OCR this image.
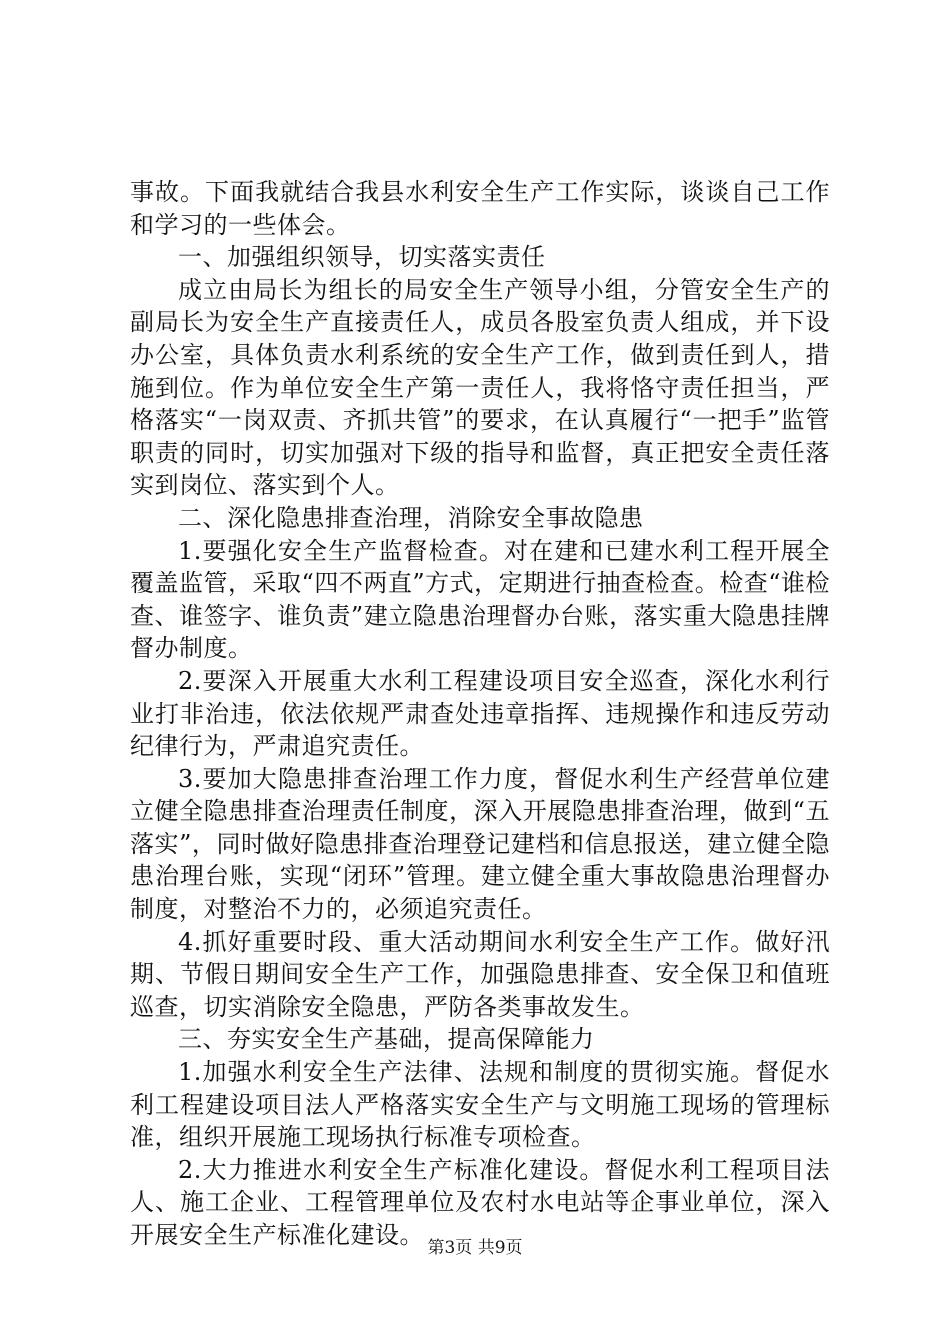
事故。下面我就结合我县水利安全生产工作实际，谈谈自己工作和学习的一些体会。

一、加强组织领导，切实落实责任

成立由局长为组长的局安全生产领导小组，分管安全生产的副局长为安全生产直接责任人，成员各股室负责人组成，并下设办公室，具体负责水利系统的安全生产工作，做到责任到人，措施到位。作为单位安全生产第一责任人，我将恪守责任担当，严格落实“一岗双责、齐抓共管”的要求，在认真履行“一把手”监管职责的同时，切实加强对下级的指导和监督，真正把安全责任落实到岗位、落实到个人。

二、深化隐患排查治理，消除安全事故隐患

1.要强化安全生产监督检查。对在建和已建水利工程开展全覆盖监管，采取“四不两直”方式，定期进行抽查检查。检查“谁检查、谁签字、谁负责”建立隐患治理督办台账，落实重大隐患挂牌督办制度。

2.要深入开展重大水利工程建设项目安全巡查，深化水利行业打非治违，依法依规严肃查处违章指挥、违规操作和违反劳动纪律行为，严肃追究责任。

3.要加大隐患排查治理工作力度，督促水利生产经营单位建立健全隐患排查治理责任制度，深入开展隐患排查治理，做到“五落实”，同时做好隐患排查治理登记建档和信息报送，建立健全隐患治理台账，实现“闭环”管理。建立健全重大事故隐患治理督办制度，对整治不力的，必须追究责任。

4.抓好重要时段、重大活动期间水利安全生产工作。做好汛期、节假日期间安全生产工作，加强隐患排查、安全保卫和值班巡查，切实消除安全隐患，严防各类事故发生。

三、夯实安全生产基础，提高保障能力

1.加强水利安全生产法律、法规和制度的贯彻实施。督促水利工程建设项目法人严格落实安全生产与文明施工现场的管理标准，组织开展施工现场执行标准专项检查。

2.大力推进水利安全生产标准化建设。督促水利工程项目法人、施工企业、工程管理单位及农村水电站等企事业单位，深入开展安全生产标准化建设。 第3页 共9页
